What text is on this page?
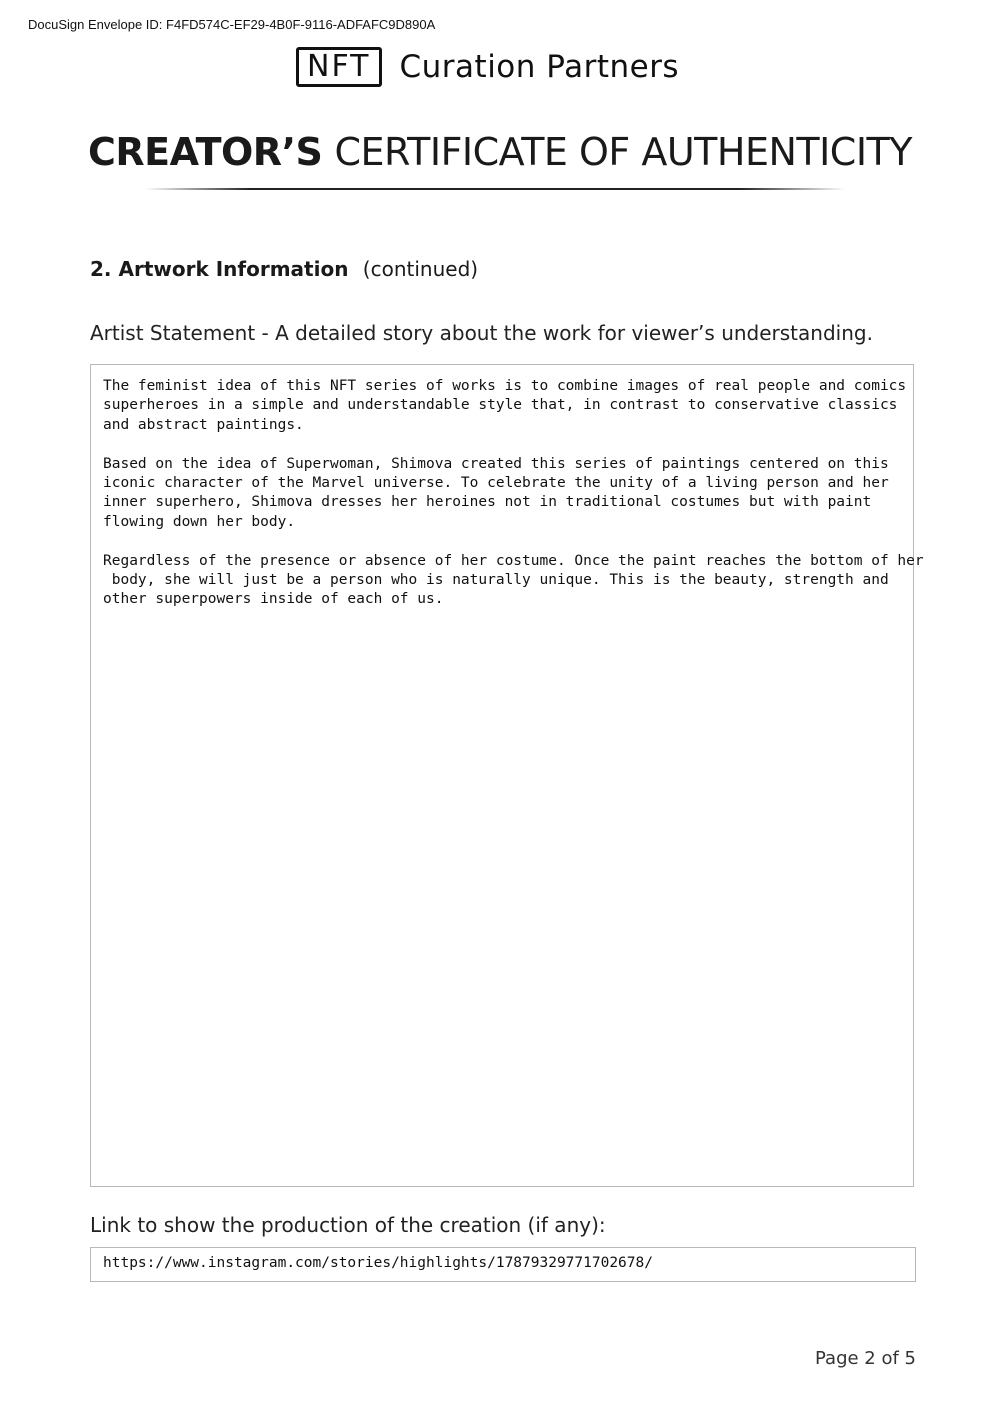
DocuSign Envelope ID: F4FD574C-EF29-4B0F-9116-ADFAFC9D890A
NFT Curation Partners
CREATOR’S CERTIFICATE OF AUTHENTICITY
2. Artwork Information (continued)
Artist Statement - A detailed story about the work for viewer’s understanding.

The feminist idea of this NFT series of works is to combine images of real people and comics
superheroes in a simple and understandable style that, in contrast to conservative classics
and abstract paintings.

Based on the idea of Superwoman, Shimova created this series of paintings centered on this
iconic character of the Marvel universe. To celebrate the unity of a living person and her
inner superhero, Shimova dresses her heroines not in traditional costumes but with paint
flowing down her body.

Regardless of the presence or absence of her costume. Once the paint reaches the bottom of her
body, she will just be a person who is naturally unique. This is the beauty, strength and
other superpowers inside of each of us.

Link to show the production of the creation (if any):
https://www.instagram.com/stories/highlights/17879329771702678/
Page 2 of 5
